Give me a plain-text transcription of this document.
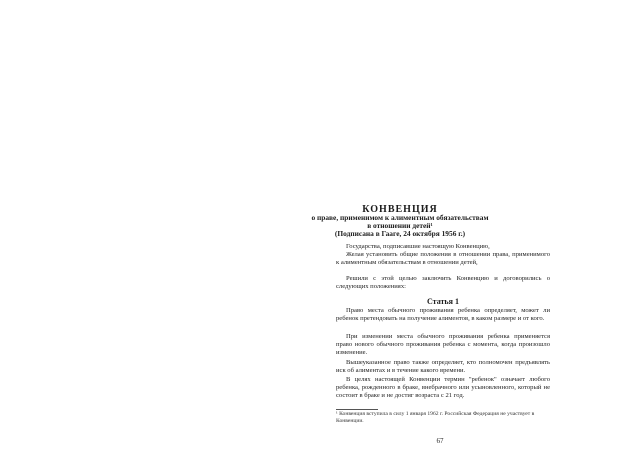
КОНВЕНЦИЯ
о праве, применимом к алиментным обязательствам
в отношении детей¹
(Подписана в Гааге, 24 октября 1956 г.)

Государства, подписавшие настоящую Конвенцию,

Желая установить общие положения в отношении права, применимого к алиментным обязательствам в отношении детей,

Решили с этой целью заключить Конвенцию и договорились о следующих положениях:

Статья 1

Право места обычного проживания ребенка определяет, может ли ребенок претендовать на получение алиментов, в каком размере и от кого.

При изменении места обычного проживания ребенка применяется право нового обычного проживания ребенка с момента, когда произошло изменение.

Вышеуказанное право также определяет, кто полномочен предъявлять иск об алиментах и в течение какого времени.

В целях настоящей Конвенции термин "ребенок" означает любого ребенка, рожденного в браке, внебрачного или усыновленного, который не состоит в браке и не достиг возраста с 21 год.

¹ Конвенция вступила в силу 1 января 1962 г. Российская Федерация не участвует в Конвенции.
67
